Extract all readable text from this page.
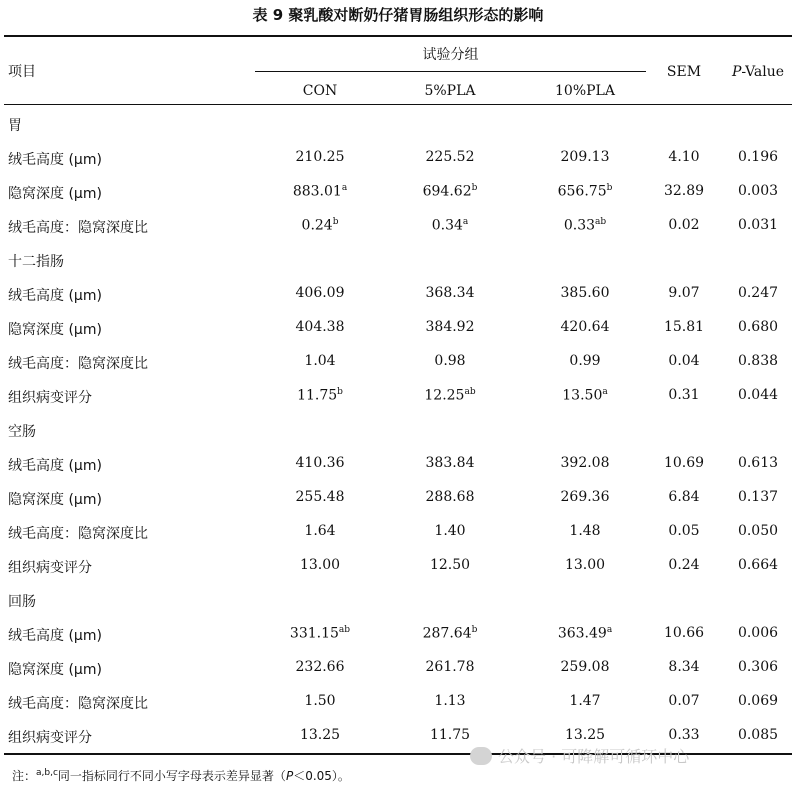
表 9 聚乳酸对断奶仔猪胃肠组织形态的影响
项目
试验分组
CON	5%PLA	10%PLA
SEM	P-Value
胃
绒毛高度 (μm)	210.25	225.52	209.13	4.10	0.196
隐窝深度 (μm)	883.01$^a$	694.62$^b$	656.75$^b$	32.89	0.003
绒毛高度：隐窝深度比	0.24$^b$	0.34$^a$	0.33$^{ab}$	0.02	0.031
十二指肠
绒毛高度 (μm)	406.09	368.34	385.60	9.07	0.247
隐窝深度 (μm)	404.38	384.92	420.64	15.81	0.680
绒毛高度：隐窝深度比	1.04	0.98	0.99	0.04	0.838
组织病变评分	11.75$^b$	12.25$^{ab}$	13.50$^a$	0.31	0.044
空肠
绒毛高度 (μm)	410.36	383.84	392.08	10.69	0.613
隐窝深度 (μm)	255.48	288.68	269.36	6.84	0.137
绒毛高度：隐窝深度比	1.64	1.40	1.48	0.05	0.050
组织病变评分	13.00	12.50	13.00	0.24	0.664
回肠
绒毛高度 (μm)	331.15$^{ab}$	287.64$^b$	363.49$^a$	10.66	0.006
隐窝深度 (μm)	232.66	261.78	259.08	8.34	0.306
绒毛高度：隐窝深度比	1.50	1.13	1.47	0.07	0.069
组织病变评分	13.25	11.75	13.25	0.33	0.085
注：$^{a,b,c}$同一指标同行不同小写字母表示差异显著（P＜0.05）。
公众号 · 可降解可循环中心
